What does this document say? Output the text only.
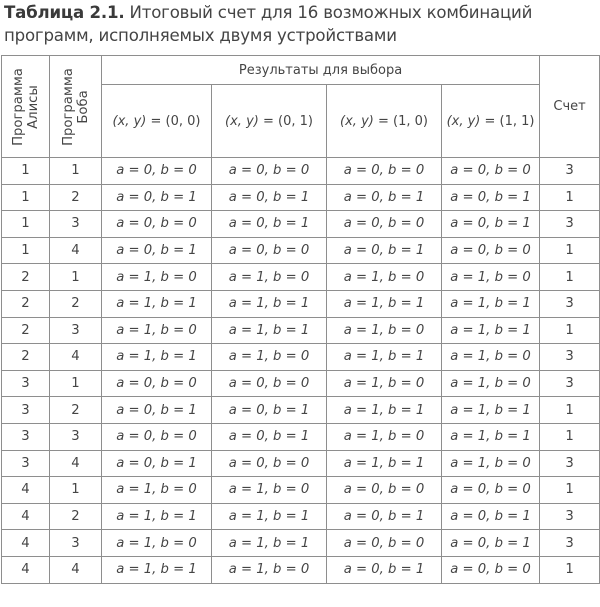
Таблица 2.1. Итоговый счет для 16 возможных комбинаций программ, исполняемых двумя устройствами
Программа Алисы	Программа Боба	Результаты для выбора				Счет
		(x, y) = (0, 0)	(x, y) = (0, 1)	(x, y) = (1, 0)	(x, y) = (1, 1)	
1	1	a = 0, b = 0	a = 0, b = 0	a = 0, b = 0	a = 0, b = 0	3
1	2	a = 0, b = 1	a = 0, b = 1	a = 0, b = 1	a = 0, b = 1	1
1	3	a = 0, b = 0	a = 0, b = 1	a = 0, b = 0	a = 0, b = 1	3
1	4	a = 0, b = 1	a = 0, b = 0	a = 0, b = 1	a = 0, b = 0	1
2	1	a = 1, b = 0	a = 1, b = 0	a = 1, b = 0	a = 1, b = 0	1
2	2	a = 1, b = 1	a = 1, b = 1	a = 1, b = 1	a = 1, b = 1	3
2	3	a = 1, b = 0	a = 1, b = 1	a = 1, b = 0	a = 1, b = 1	1
2	4	a = 1, b = 1	a = 1, b = 0	a = 1, b = 1	a = 1, b = 0	3
3	1	a = 0, b = 0	a = 0, b = 0	a = 1, b = 0	a = 1, b = 0	3
3	2	a = 0, b = 1	a = 0, b = 1	a = 1, b = 1	a = 1, b = 1	1
3	3	a = 0, b = 0	a = 0, b = 1	a = 1, b = 0	a = 1, b = 1	1
3	4	a = 0, b = 1	a = 0, b = 0	a = 1, b = 1	a = 1, b = 0	3
4	1	a = 1, b = 0	a = 1, b = 0	a = 0, b = 0	a = 0, b = 0	1
4	2	a = 1, b = 1	a = 1, b = 1	a = 0, b = 1	a = 0, b = 1	3
4	3	a = 1, b = 0	a = 1, b = 1	a = 0, b = 0	a = 0, b = 1	3
4	4	a = 1, b = 1	a = 1, b = 0	a = 0, b = 1	a = 0, b = 0	1
